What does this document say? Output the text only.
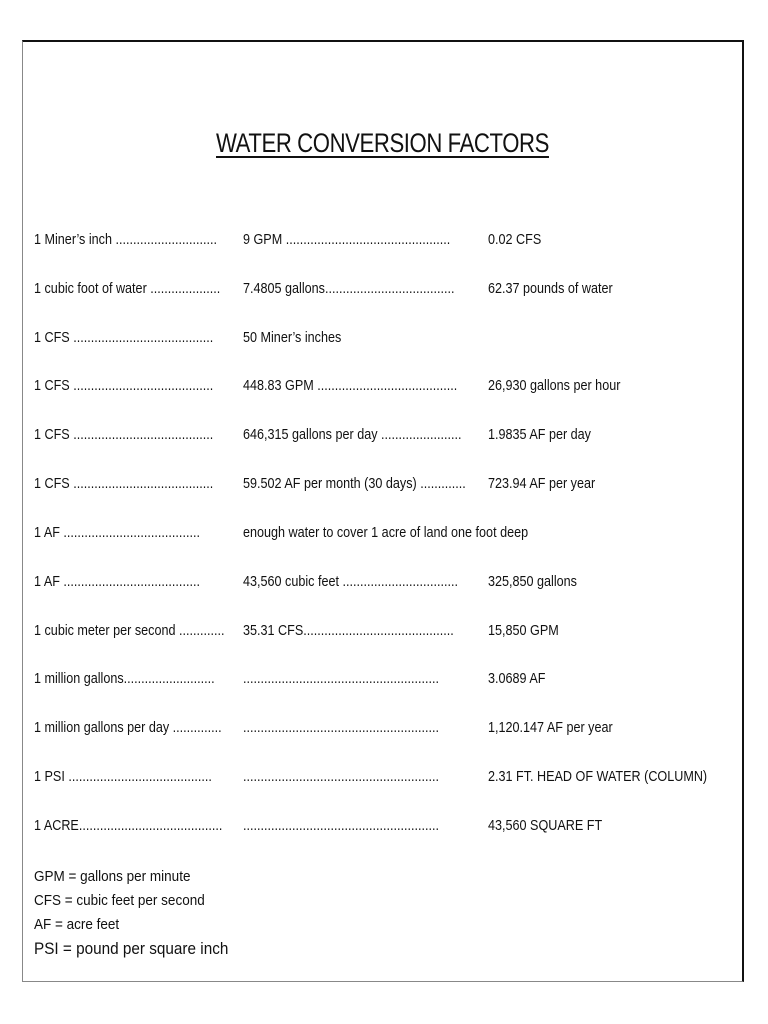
WATER CONVERSION FACTORS
1 Miner’s inch ............................. 9 GPM ...............................................	0.02 CFS
1 cubic foot of water .................... 7.4805 gallons..................................... 62.37 pounds of water
1 CFS ........................................ 50 Miner’s inches
1 CFS ........................................ 448.83 GPM ........................................ 26,930 gallons per hour
1 CFS ........................................ 646,315 gallons per day ....................... 1.9835 AF per day
1 CFS ........................................ 59.502 AF per month (30 days) ............. 723.94 AF per year
1 AF .......................................	enough water to cover 1 acre of land one foot deep
1 AF .......................................	43,560 cubic feet ................................. 325,850 gallons
1 cubic meter per second ............. 35.31 CFS........................................... 15,850 GPM
1 million gallons.......................... ........................................................	3.0689 AF
1 million gallons per day .............. ........................................................	1,120.147 AF per year
1 PSI ......................................... ........................................................	2.31 FT. HEAD OF WATER (COLUMN)
1 ACRE......................................... ........................................................	43,560 SQUARE FT
GPM = gallons per minute
CFS = cubic feet per second
AF = acre feet
PSI = pound per square inch
